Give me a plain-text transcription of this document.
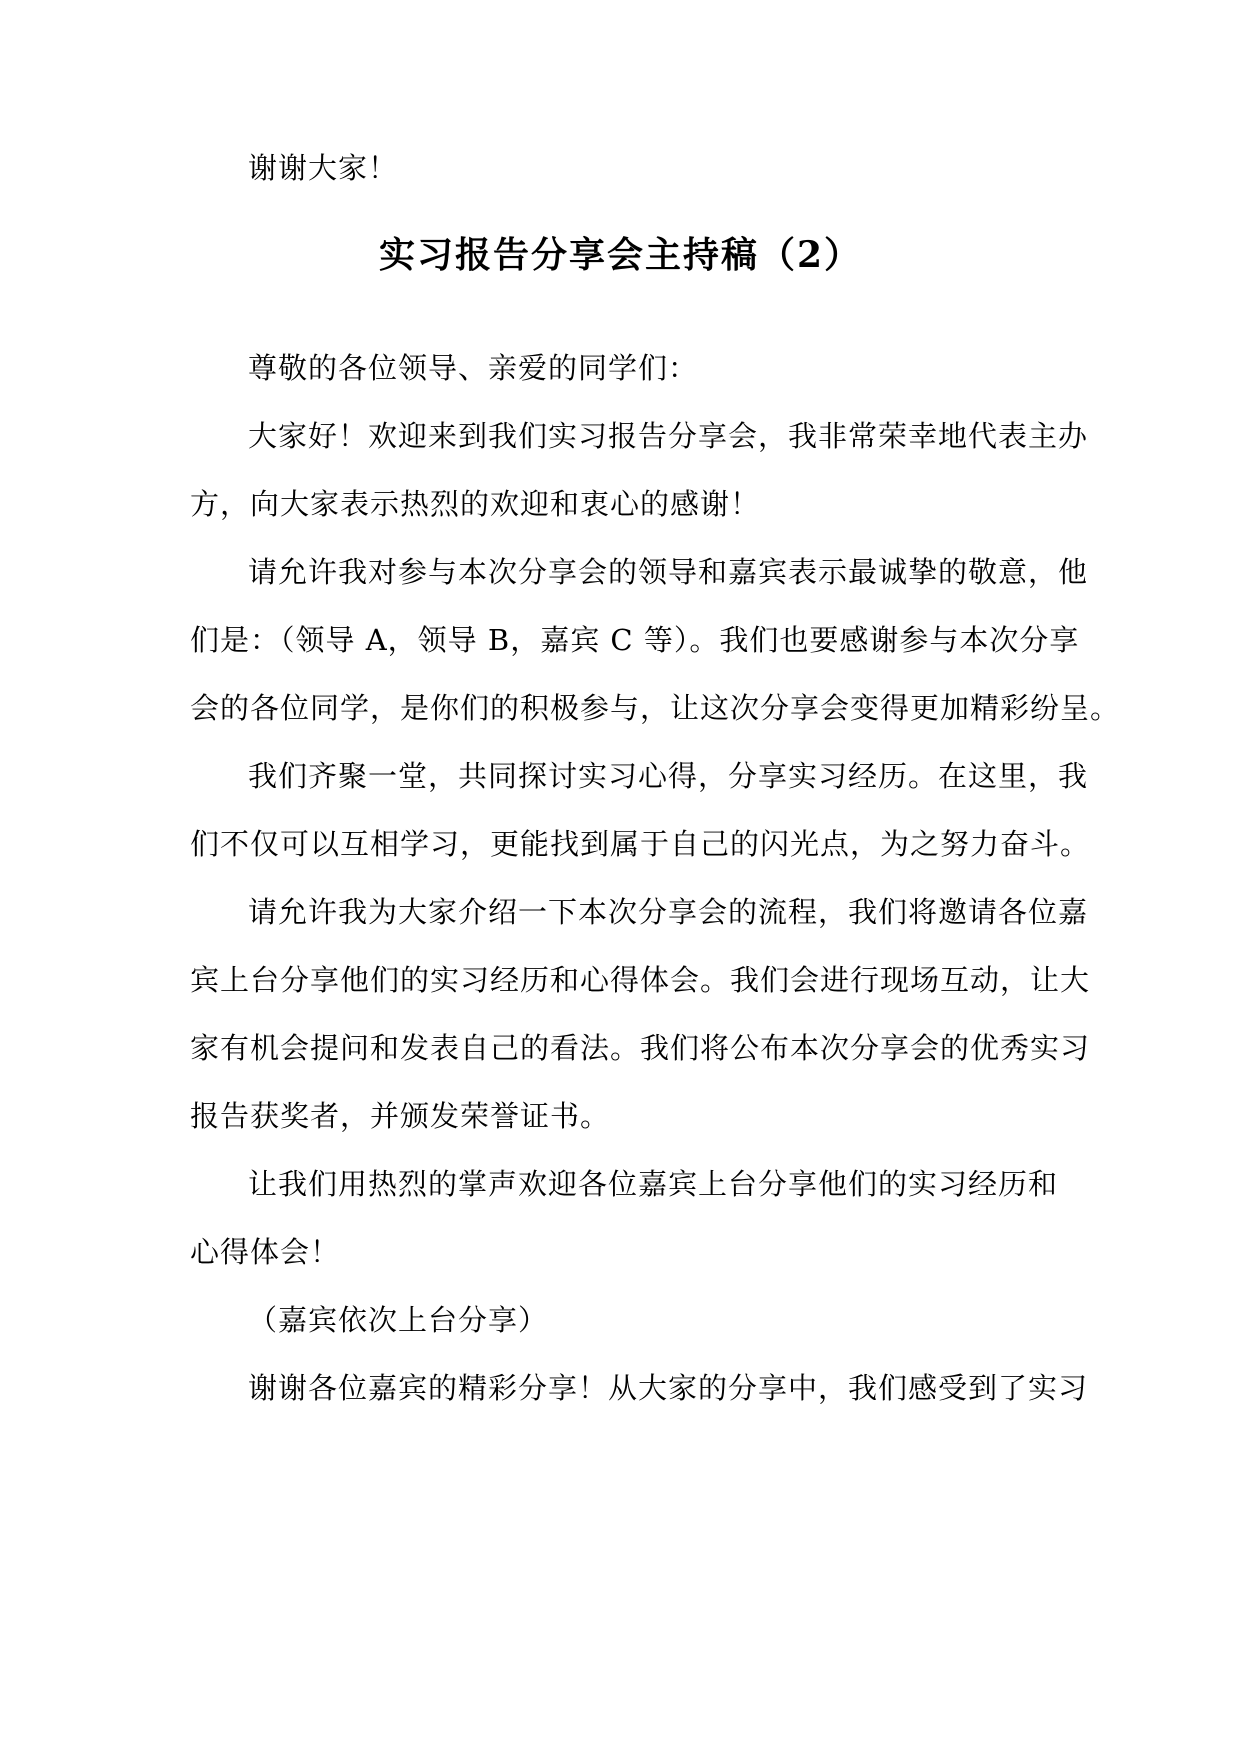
谢谢大家！
实习报告分享会主持稿（2）
尊敬的各位领导、亲爱的同学们：
大家好！欢迎来到我们实习报告分享会，我非常荣幸地代表主办
方，向大家表示热烈的欢迎和衷心的感谢！
请允许我对参与本次分享会的领导和嘉宾表示最诚挚的敬意，他
们是：（领导 A，领导 B，嘉宾 C 等）。我们也要感谢参与本次分享
会的各位同学，是你们的积极参与，让这次分享会变得更加精彩纷呈。
我们齐聚一堂，共同探讨实习心得，分享实习经历。在这里，我
们不仅可以互相学习，更能找到属于自己的闪光点，为之努力奋斗。
请允许我为大家介绍一下本次分享会的流程，我们将邀请各位嘉
宾上台分享他们的实习经历和心得体会。我们会进行现场互动，让大
家有机会提问和发表自己的看法。我们将公布本次分享会的优秀实习
报告获奖者，并颁发荣誉证书。
让我们用热烈的掌声欢迎各位嘉宾上台分享他们的实习经历和
心得体会！
（嘉宾依次上台分享）
谢谢各位嘉宾的精彩分享！从大家的分享中，我们感受到了实习
